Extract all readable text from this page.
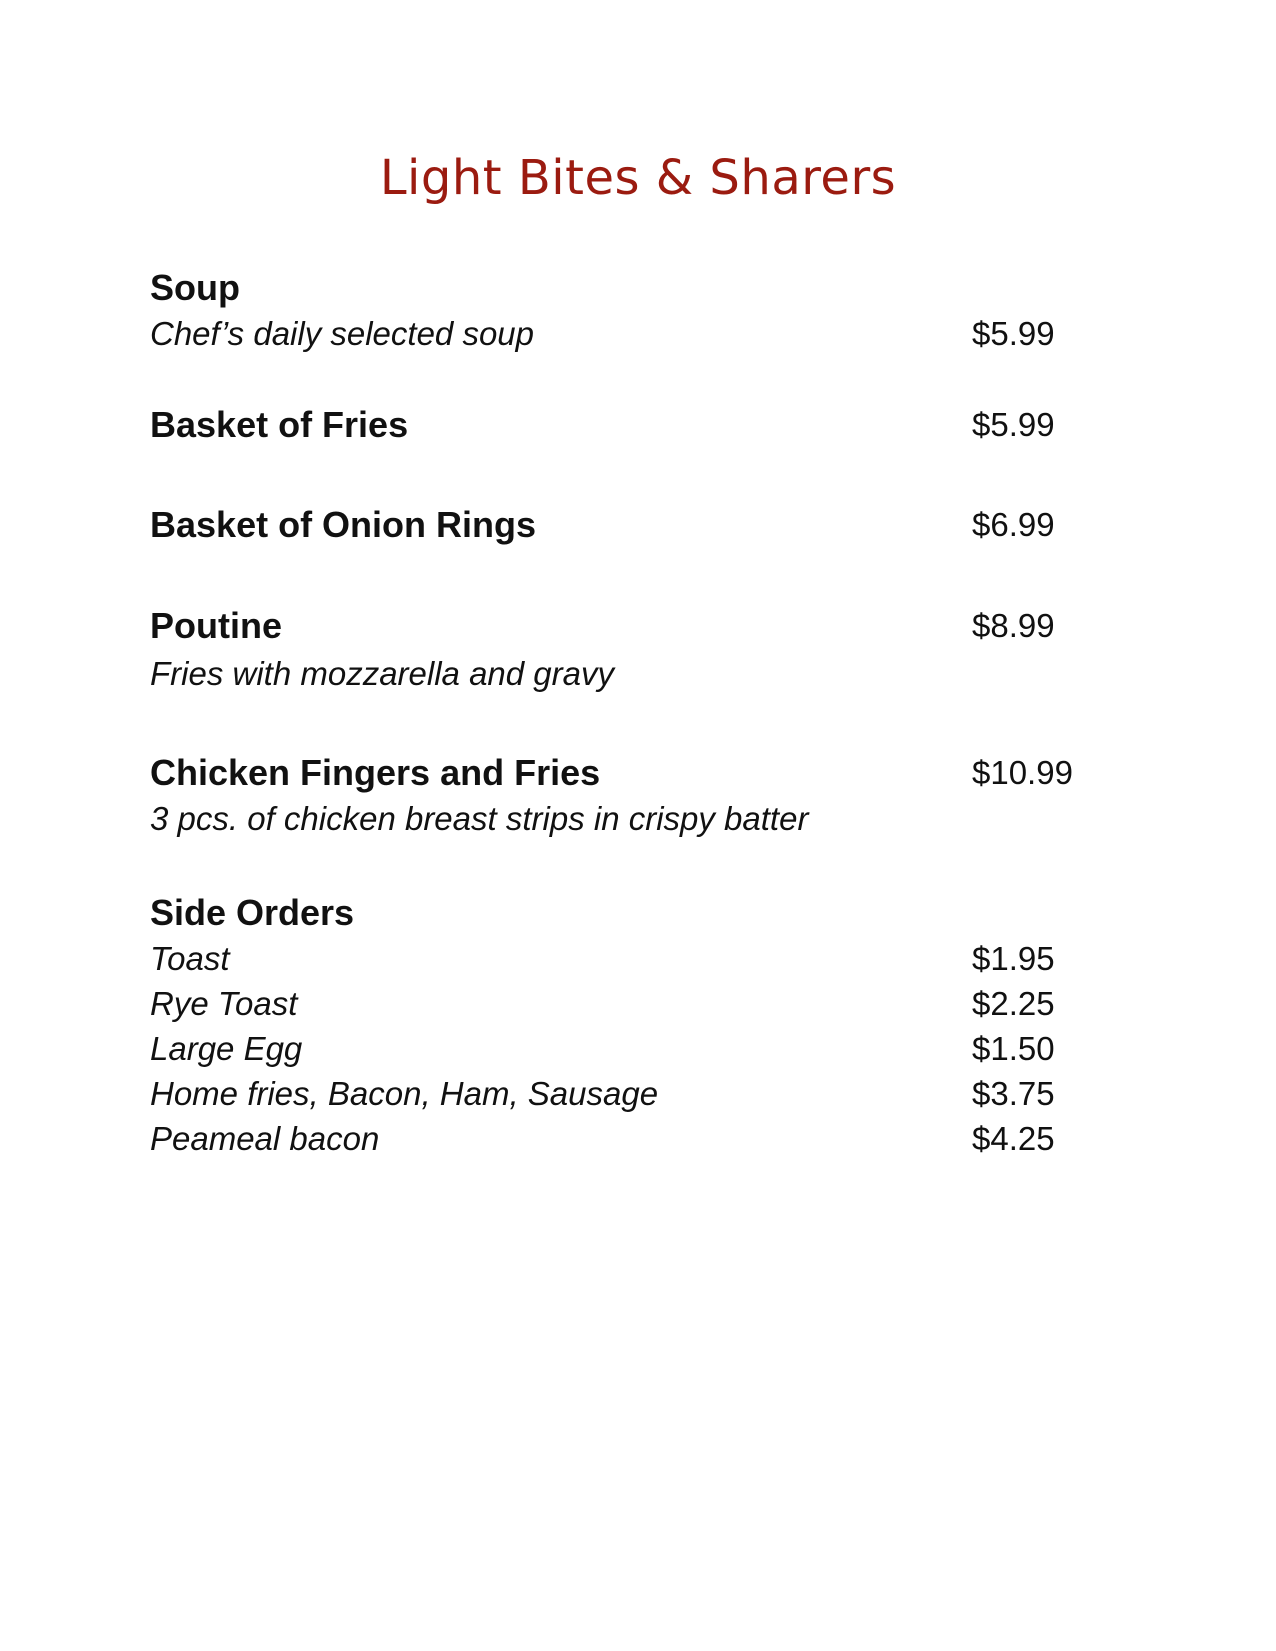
Light Bites & Sharers
Soup
Chef’s daily selected soup	$5.99
Basket of Fries	$5.99
Basket of Onion Rings	$6.99
Poutine	$8.99
Fries with mozzarella and gravy
Chicken Fingers and Fries	$10.99
3 pcs. of chicken breast strips in crispy batter
Side Orders
Toast	$1.95
Rye Toast	$2.25
Large Egg	$1.50
Home fries, Bacon, Ham, Sausage	$3.75
Peameal bacon	$4.25
